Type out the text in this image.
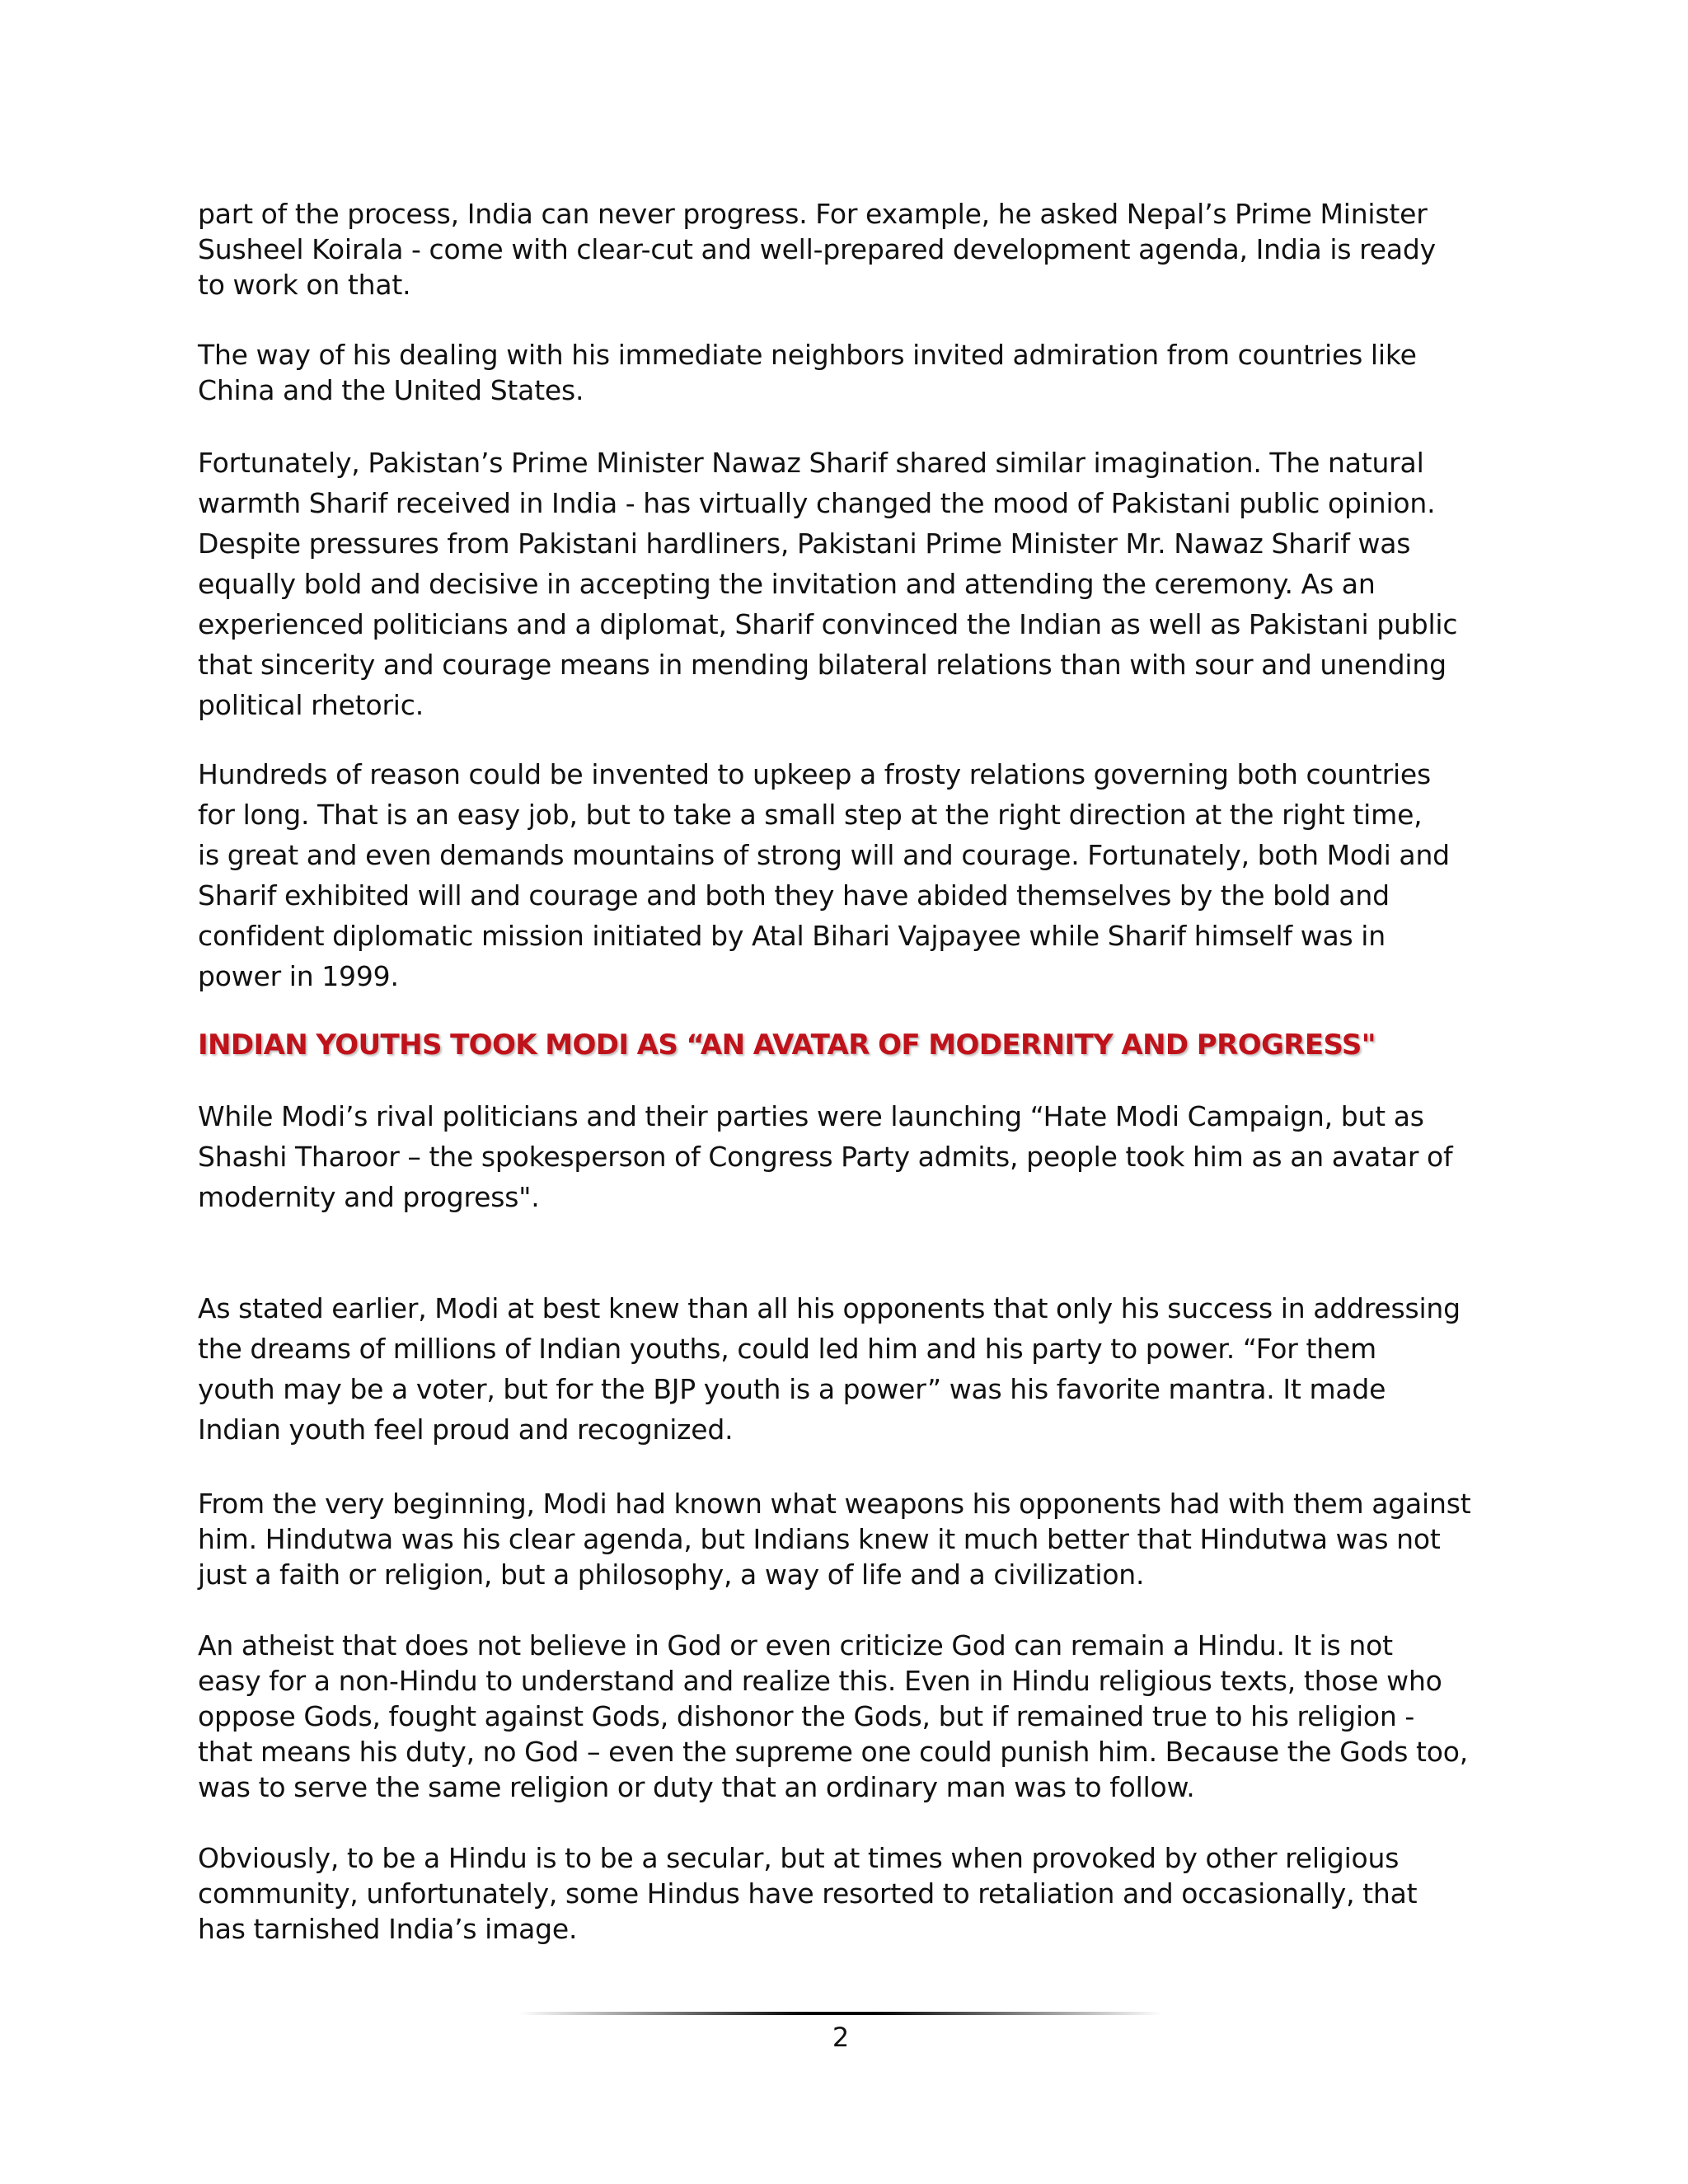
part of the process, India can never progress. For example, he asked Nepal’s Prime Minister
Susheel Koirala - come with clear-cut and well-prepared development agenda, India is ready
to work on that.

The way of his dealing with his immediate neighbors invited admiration from countries like
China and the United States.

Fortunately, Pakistan’s Prime Minister Nawaz Sharif shared similar imagination. The natural
warmth Sharif received in India - has virtually changed the mood of Pakistani public opinion.
Despite pressures from Pakistani hardliners, Pakistani Prime Minister Mr. Nawaz Sharif was
equally bold and decisive in accepting the invitation and attending the ceremony. As an
experienced politicians and a diplomat, Sharif convinced the Indian as well as Pakistani public
that sincerity and courage means in mending bilateral relations than with sour and unending
political rhetoric.

Hundreds of reason could be invented to upkeep a frosty relations governing both countries
for long. That is an easy job, but to take a small step at the right direction at the right time,
is great and even demands mountains of strong will and courage. Fortunately, both Modi and
Sharif exhibited will and courage and both they have abided themselves by the bold and
confident diplomatic mission initiated by Atal Bihari Vajpayee while Sharif himself was in
power in 1999.

INDIAN YOUTHS TOOK MODI AS “AN AVATAR OF MODERNITY AND PROGRESS"

While Modi’s rival politicians and their parties were launching “Hate Modi Campaign, but as
Shashi Tharoor – the spokesperson of Congress Party admits, people took him as an avatar of
modernity and progress".

As stated earlier, Modi at best knew than all his opponents that only his success in addressing
the dreams of millions of Indian youths, could led him and his party to power. “For them
youth may be a voter, but for the BJP youth is a power” was his favorite mantra. It made
Indian youth feel proud and recognized.

From the very beginning, Modi had known what weapons his opponents had with them against
him. Hindutwa was his clear agenda, but Indians knew it much better that Hindutwa was not
just a faith or religion, but a philosophy, a way of life and a civilization.

An atheist that does not believe in God or even criticize God can remain a Hindu. It is not
easy for a non-Hindu to understand and realize this. Even in Hindu religious texts, those who
oppose Gods, fought against Gods, dishonor the Gods, but if remained true to his religion -
that means his duty, no God – even the supreme one could punish him. Because the Gods too,
was to serve the same religion or duty that an ordinary man was to follow.

Obviously, to be a Hindu is to be a secular, but at times when provoked by other religious
community, unfortunately, some Hindus have resorted to retaliation and occasionally, that
has tarnished India’s image.

2
